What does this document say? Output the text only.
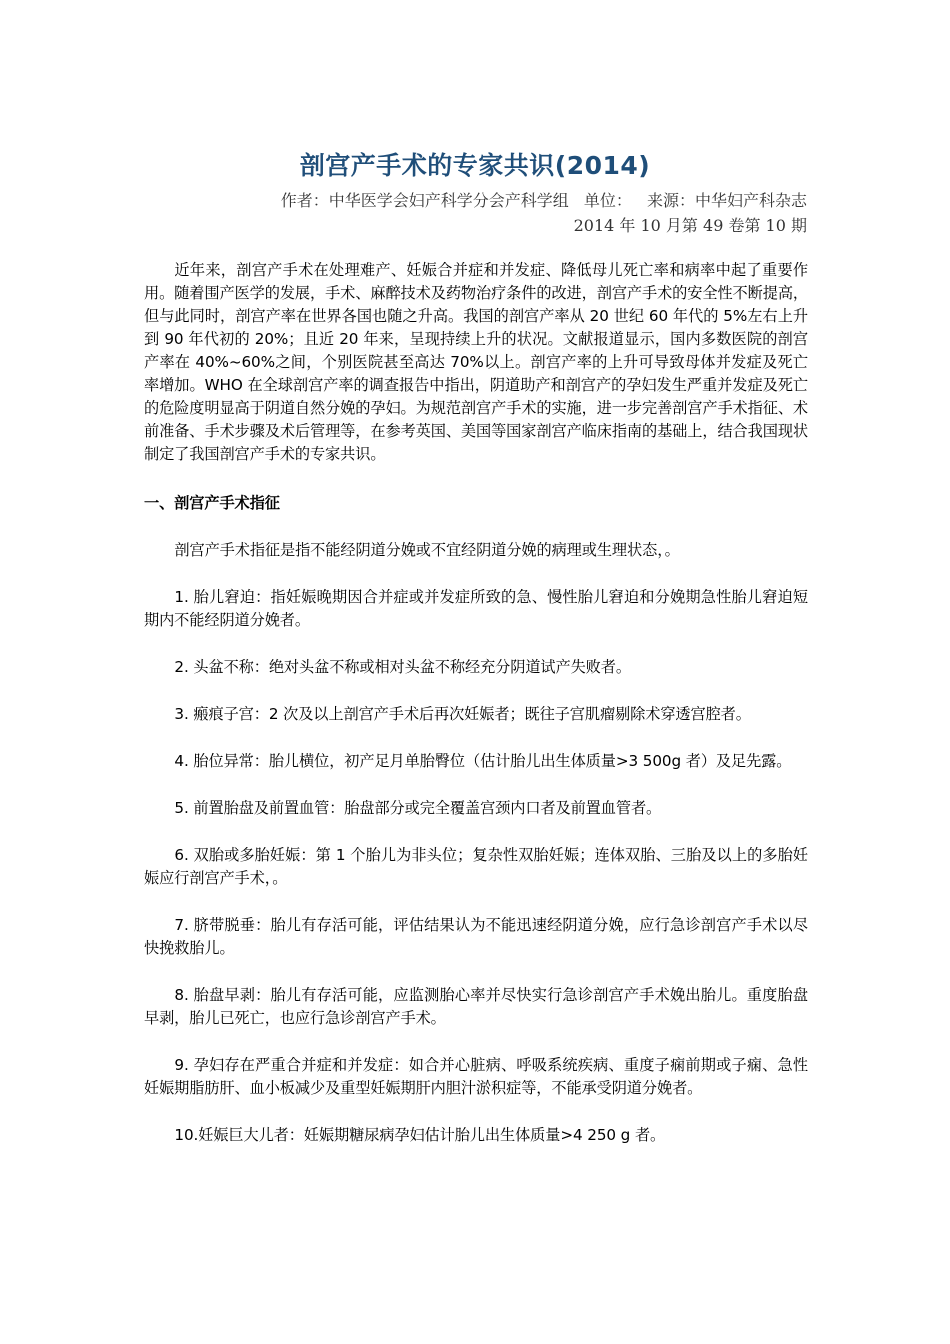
剖宫产手术的专家共识(2014)
作者：中华医学会妇产科学分会产科学组 单位： 来源：中华妇产科杂志
2014 年 10 月第 49 卷第 10 期

近年来，剖宫产手术在处理难产、妊娠合并症和并发症、降低母儿死亡率和病率中起了重要作用。随着围产医学的发展，手术、麻醉技术及药物治疗条件的改进，剖宫产手术的安全性不断提高，但与此同时，剖宫产率在世界各国也随之升高。我国的剖宫产率从 20 世纪 60 年代的 5%左右上升到 90 年代初的 20%；且近 20 年来，呈现持续上升的状况。文献报道显示，国内多数医院的剖宫产率在 40%~60%之间，个别医院甚至高达 70%以上。剖宫产率的上升可导致母体并发症及死亡率增加。WHO 在全球剖宫产率的调查报告中指出，阴道助产和剖宫产的孕妇发生严重并发症及死亡的危险度明显高于阴道自然分娩的孕妇。为规范剖宫产手术的实施，进一步完善剖宫产手术指征、术前准备、手术步骤及术后管理等，在参考英国、美国等国家剖宫产临床指南的基础上，结合我国现状制定了我国剖宫产手术的专家共识。

一、剖宫产手术指征

剖宫产手术指征是指不能经阴道分娩或不宜经阴道分娩的病理或生理状态，。

1. 胎儿窘迫：指妊娠晚期因合并症或并发症所致的急、慢性胎儿窘迫和分娩期急性胎儿窘迫短期内不能经阴道分娩者。

2. 头盆不称：绝对头盆不称或相对头盆不称经充分阴道试产失败者。

3. 瘢痕子宫：2 次及以上剖宫产手术后再次妊娠者；既往子宫肌瘤剔除术穿透宫腔者。

4. 胎位异常：胎儿横位，初产足月单胎臀位（估计胎儿出生体质量>3 500g 者）及足先露。

5. 前置胎盘及前置血管：胎盘部分或完全覆盖宫颈内口者及前置血管者。

6. 双胎或多胎妊娠：第 1 个胎儿为非头位；复杂性双胎妊娠；连体双胎、三胎及以上的多胎妊娠应行剖宫产手术，。

7. 脐带脱垂：胎儿有存活可能，评估结果认为不能迅速经阴道分娩，应行急诊剖宫产手术以尽快挽救胎儿。

8. 胎盘早剥：胎儿有存活可能，应监测胎心率并尽快实行急诊剖宫产手术娩出胎儿。重度胎盘早剥，胎儿已死亡，也应行急诊剖宫产手术。

9. 孕妇存在严重合并症和并发症：如合并心脏病、呼吸系统疾病、重度子痫前期或子痫、急性妊娠期脂肪肝、血小板减少及重型妊娠期肝内胆汁淤积症等，不能承受阴道分娩者。

10.妊娠巨大儿者：妊娠期糖尿病孕妇估计胎儿出生体质量>4 250 g 者。
